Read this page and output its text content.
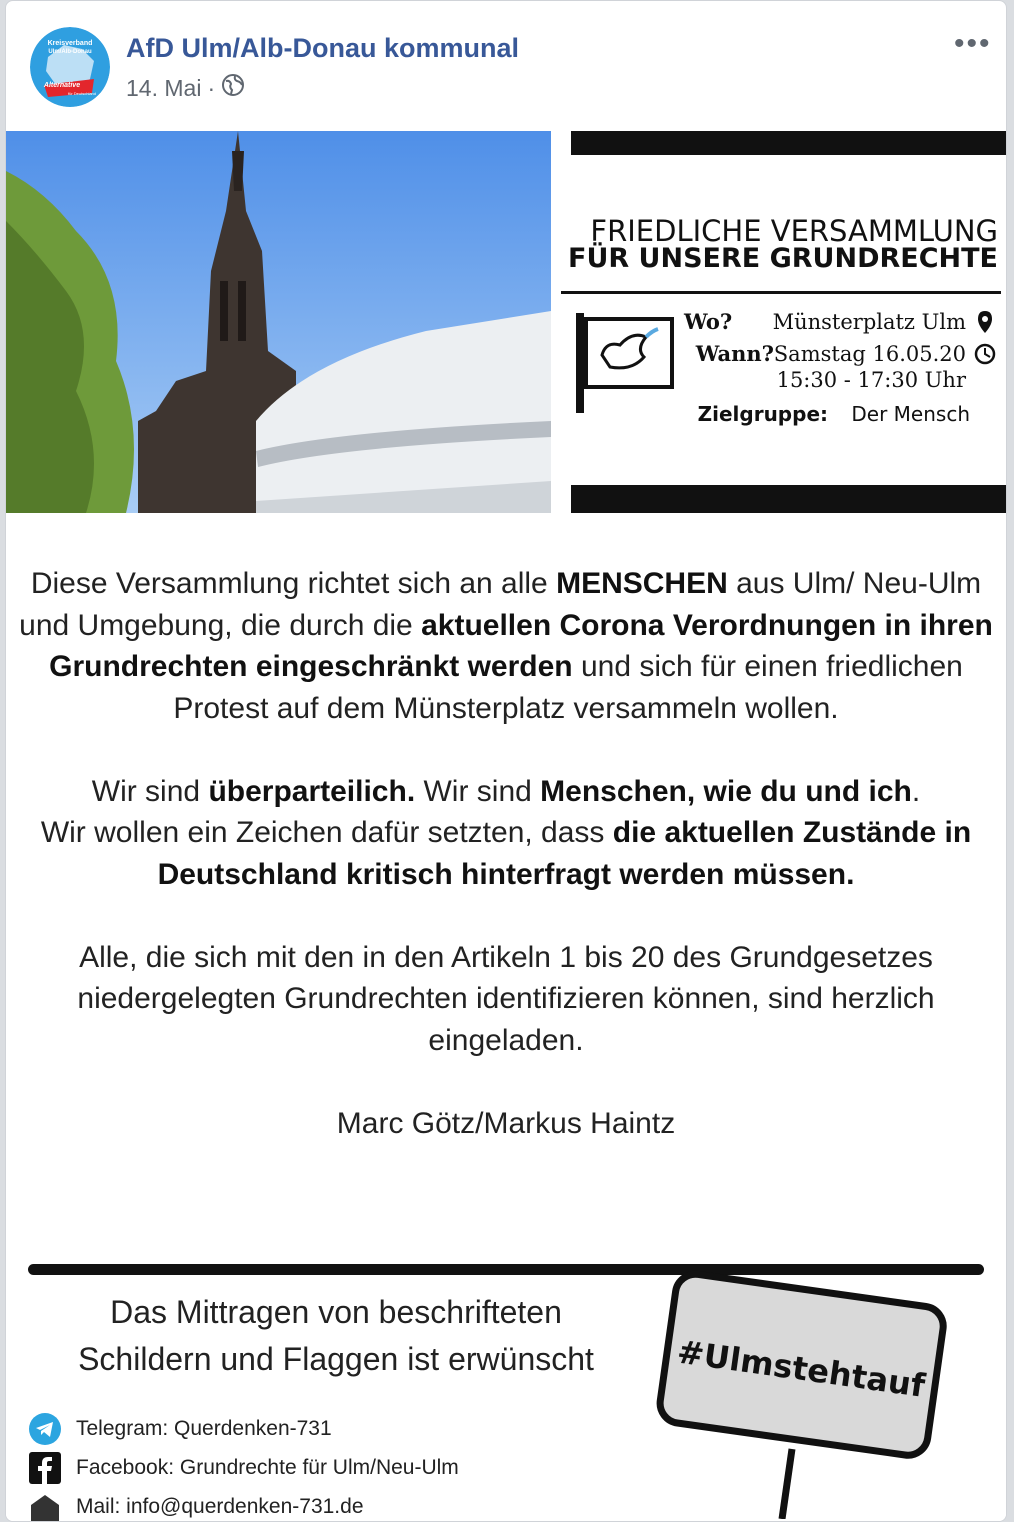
Kreisverband
Ulm/Alb-Donau
Alternative
für Deutschland
AfD Ulm/Alb-Donau kommunal
14. Mai ·
•••
FRIEDLICHE VERSAMMLUNG
FÜR UNSERE GRUNDRECHTE
Münsterplatz Ulm
Samstag 16.05.20
Wann?
Wo?
15:30 - 17:30 Uhr
Zielgruppe: Der Mensch

Diese Versammlung richtet sich an alle MENSCHEN aus Ulm/ Neu-Ulm und Umgebung, die durch die aktuellen Corona Verordnungen in ihren Grundrechten eingeschränkt werden und sich für einen friedlichen Protest auf dem Münsterplatz versammeln wollen.

Wir sind überparteilich. Wir sind Menschen, wie du und ich.
Wir wollen ein Zeichen dafür setzten, dass die aktuellen Zustände in Deutschland kritisch hinterfragt werden müssen.

Alle, die sich mit den in den Artikeln 1 bis 20 des Grundgesetzes niedergelegten Grundrechten identifizieren können, sind herzlich eingeladen.

Marc Götz/Markus Haintz

Das Mittragen von beschrifteten
Schildern und Flaggen ist erwünscht	#Ulmstehtauf
Telegram: Querdenken-731
Facebook: Grundrechte für Ulm/Neu-Ulm
Mail: info@querdenken-731.de
